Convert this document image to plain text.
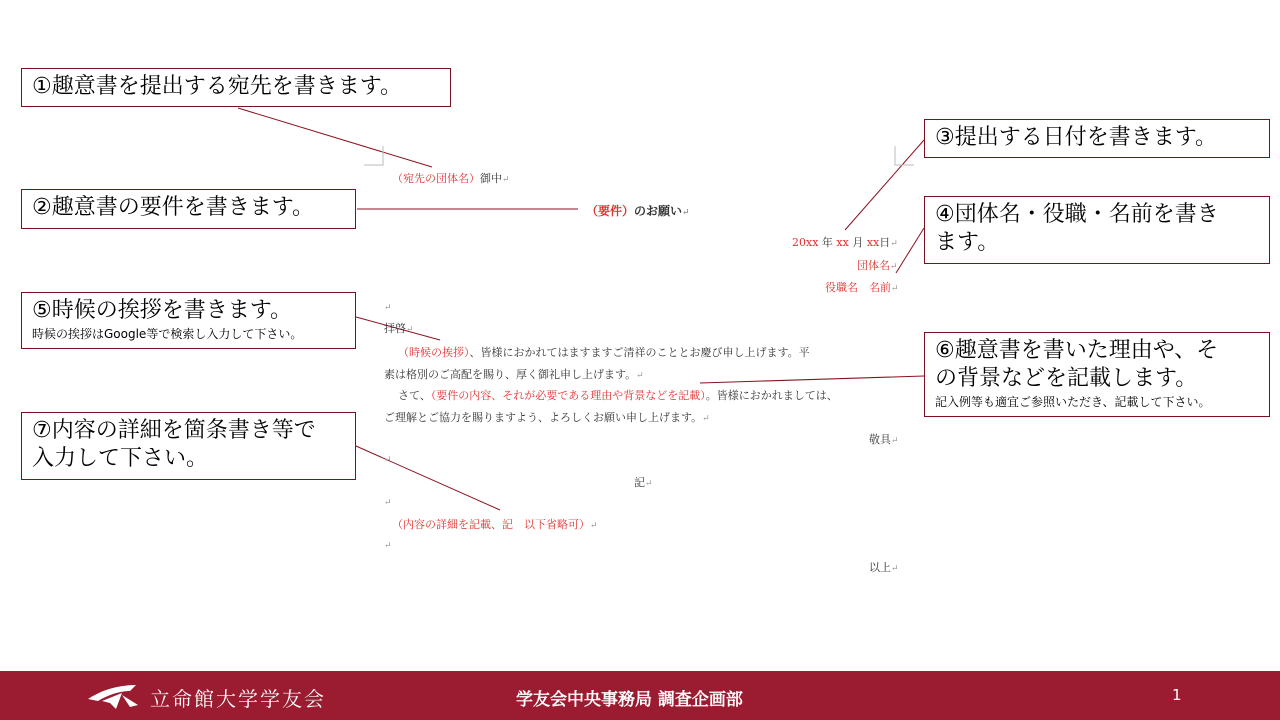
①趣意書を提出する宛先を書きます。
②趣意書の要件を書きます。
③提出する日付を書きます。
④団体名・役職・名前を書き
ます。
⑤時候の挨拶を書きます。
時候の挨拶はGoogle等で検索し入力して下さい。
⑥趣意書を書いた理由や、そ
の背景などを記載します。
記入例等も適宜ご参照いただき、記載して下さい。
⑦内容の詳細を箇条書き等で
入力して下さい。
（宛先の団体名）御中↵
（要件）のお願い↵
20xx 年 xx 月 xx日↵
団体名↵
役職名　名前↵
↵
拝啓↵
（時候の挨拶）、皆様におかれてはますますご清祥のこととお慶び申し上げます。平
素は格別のご高配を賜り、厚く御礼申し上げます。↵
さて、（要件の内容、それが必要である理由や背景などを記載）。皆様におかれましては、
ご理解とご協力を賜りますよう、よろしくお願い申し上げます。↵
敬具↵
↵
記↵
↵
（内容の詳細を記載、記　以下省略可）↵
↵
以上↵
立命館大学学友会	学友会中央事務局 調査企画部	1
